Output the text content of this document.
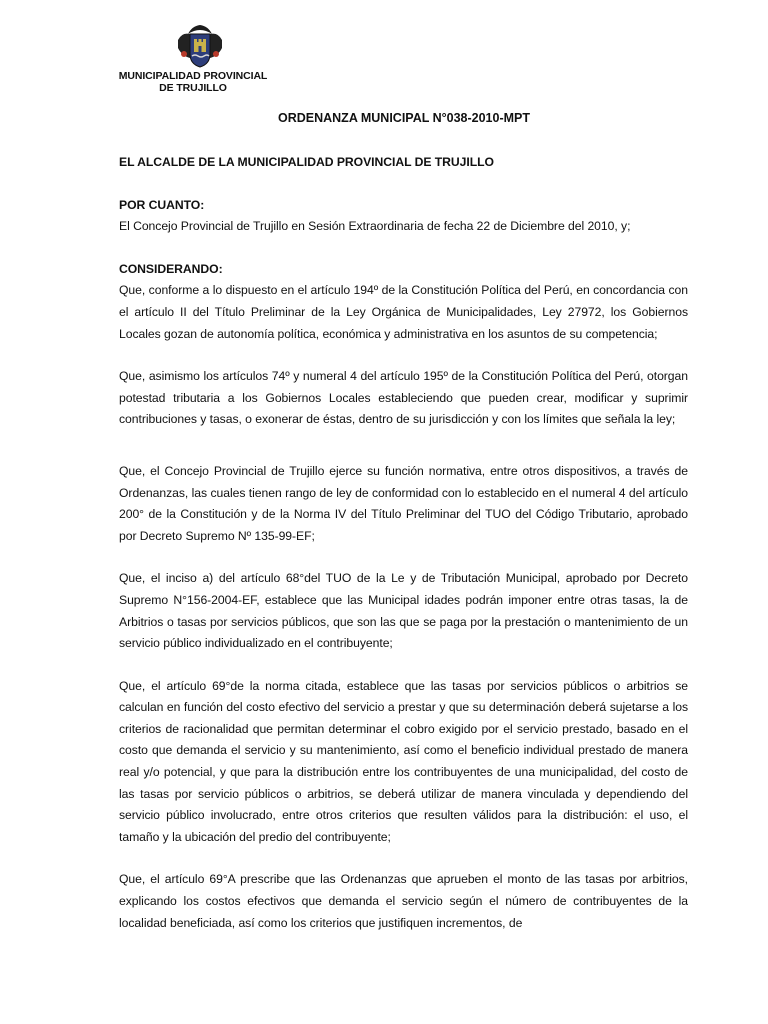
MUNICIPALIDAD PROVINCIAL
DE TRUJILLO
ORDENANZA MUNICIPAL N°038-2010-MPT

EL ALCALDE DE LA MUNICIPALIDAD PROVINCIAL DE TRUJILLO

POR CUANTO:

El Concejo Provincial de Trujillo en Sesión Extraordinaria de fecha 22 de Diciembre del 2010, y;

CONSIDERANDO:

Que, conforme a lo dispuesto en el artículo 194º de la Constitución Política del Perú, en concordancia con el artículo II del Título Preliminar de la Ley Orgánica de Municipalidades, Ley 27972, los Gobiernos Locales gozan de autonomía política, económica y administrativa en los asuntos de su competencia;

Que, asimismo los artículos 74º y numeral 4 del artículo 195º de la Constitución Política del Perú, otorgan potestad tributaria a los Gobiernos Locales estableciendo que pueden crear, modificar y suprimir contribuciones y tasas, o exonerar de éstas, dentro de su jurisdicción y con los límites que señala la ley;

Que, el Concejo Provincial de Trujillo ejerce su función normativa, entre otros dispositivos, a través de Ordenanzas, las cuales tienen rango de ley de conformidad con lo establecido en el numeral 4 del artículo 200° de la Constitución y de la Norma IV del Título Preliminar del TUO del Código Tributario, aprobado por Decreto Supremo Nº 135-99-EF;

Que, el inciso a) del artículo 68°del TUO de la Le y de Tributación Municipal, aprobado por Decreto Supremo N°156-2004-EF, establece que las Municipal idades podrán imponer entre otras tasas, la de Arbitrios o tasas por servicios públicos, que son las que se paga por la prestación o mantenimiento de un servicio público individualizado en el contribuyente;

Que, el artículo 69°de la norma citada, establece que las tasas por servicios públicos o arbitrios se calculan en función del costo efectivo del servicio a prestar y que su determinación deberá sujetarse a los criterios de racionalidad que permitan determinar el cobro exigido por el servicio prestado, basado en el costo que demanda el servicio y su mantenimiento, así como el beneficio individual prestado de manera real y/o potencial, y que para la distribución entre los contribuyentes de una municipalidad, del costo de las tasas por servicio públicos o arbitrios, se deberá utilizar de manera vinculada y dependiendo del servicio público involucrado, entre otros criterios que resulten válidos para la distribución: el uso, el tamaño y la ubicación del predio del contribuyente;

Que, el artículo 69°A prescribe que las Ordenanzas que aprueben el monto de las tasas por arbitrios, explicando los costos efectivos que demanda el servicio según el número de contribuyentes de la localidad beneficiada, así como los criterios que justifiquen incrementos, de
